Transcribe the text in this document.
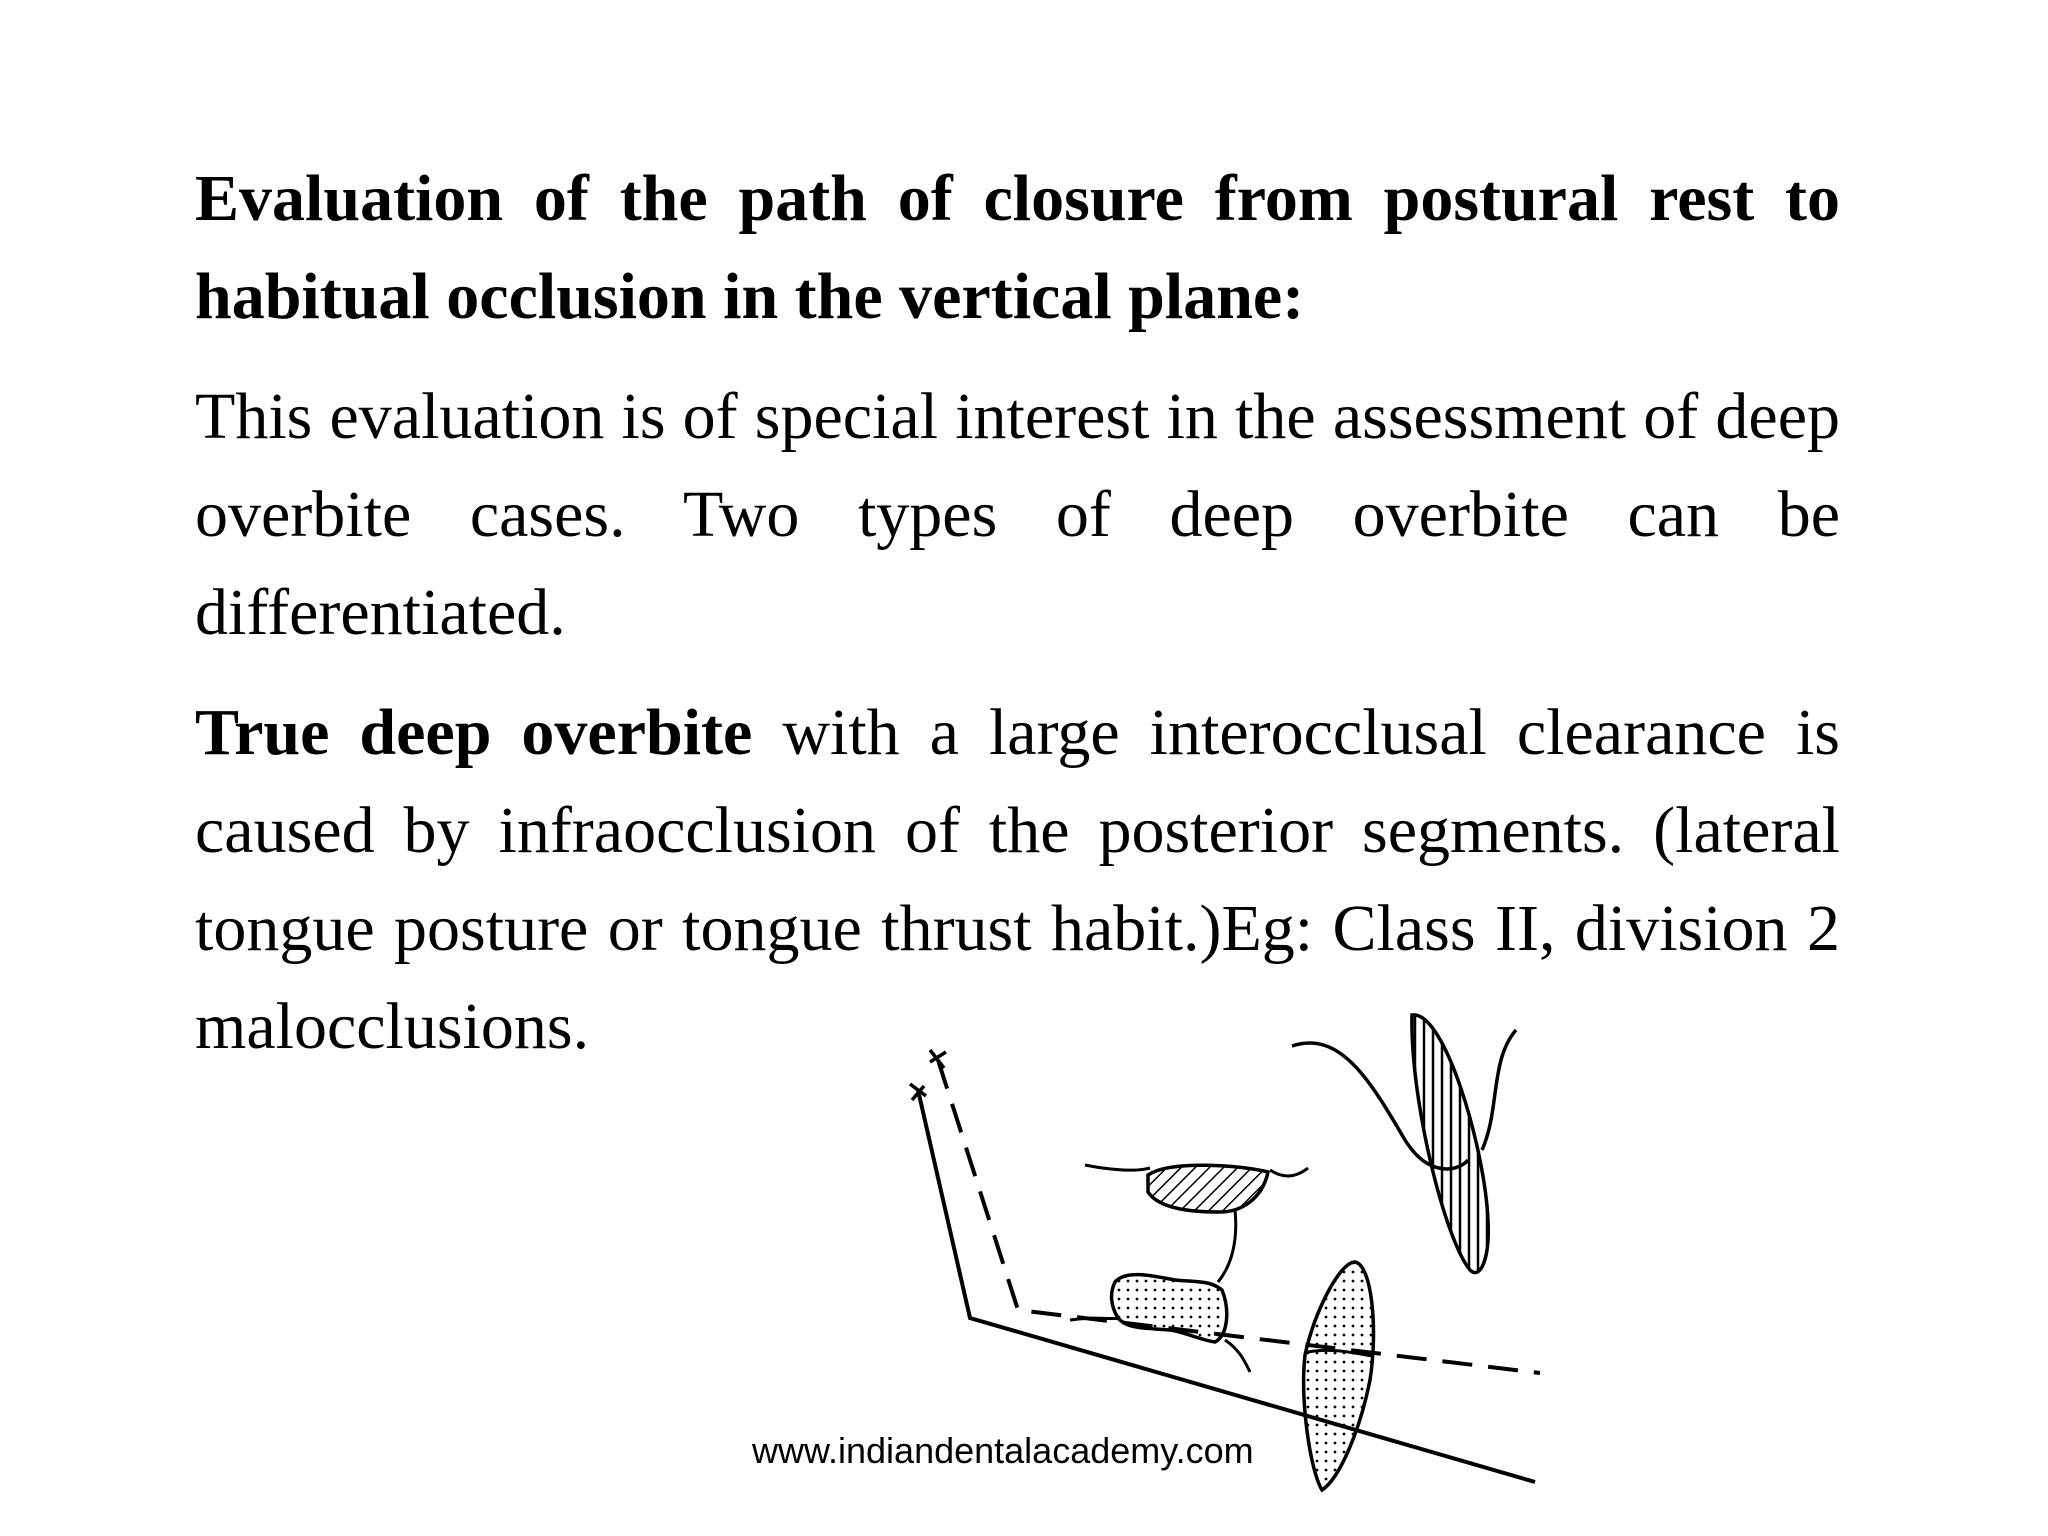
Evaluation of the path of closure from postural rest to habitual occlusion in the vertical plane:

This evaluation is of special interest in the assessment of deep overbite cases. Two types of deep overbite can be differentiated.

True deep overbite with a large interocclusal clearance is caused by infraocclusion of the posterior segments. (lateral tongue posture or tongue thrust habit.)Eg: Class II, division 2 malocclusions.

www.indiandentalacademy.com
